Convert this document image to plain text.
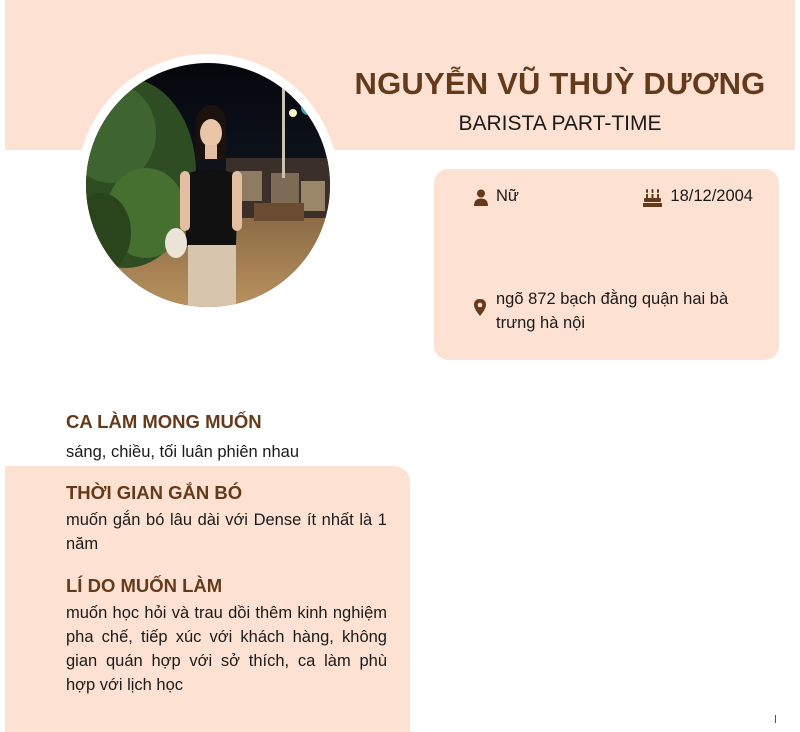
NGUYỄN VŨ THUỲ DƯƠNG

BARISTA PART-TIME

Nữ	18/12/2004
ngõ 872 bạch đằng quận hai bà trưng hà nội
CA LÀM MONG MUỐN

sáng, chiều, tối luân phiên nhau

THỜI GIAN GẮN BÓ

muốn gắn bó lâu dài với Dense ít nhất là 1 năm

LÍ DO MUỐN LÀM

muốn học hỏi và trau dồi thêm kinh nghiệm pha chế, tiếp xúc với khách hàng, không gian quán hợp với sở thích, ca làm phù hợp với lịch học
